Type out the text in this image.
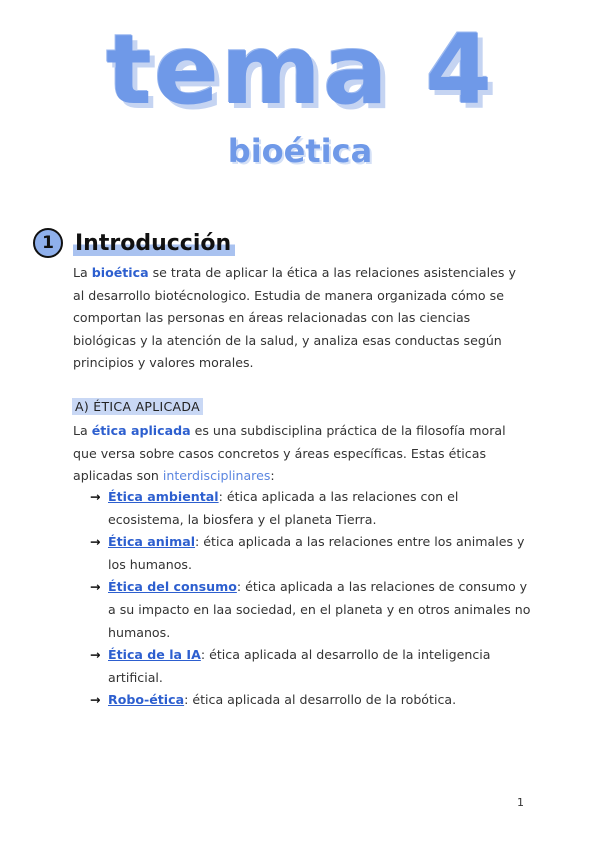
tema 4
bioética
1 Introducción
La bioética se trata de aplicar la ética a las relaciones asistenciales y al desarrollo biotécnologico. Estudia de manera organizada cómo se comportan las personas en áreas relacionadas con las ciencias biológicas y la atención de la salud, y analiza esas conductas según principios y valores morales.
A) ÉTICA APLICADA
La ética aplicada es una subdisciplina práctica de la filosofía moral que versa sobre casos concretos y áreas específicas. Estas éticas aplicadas son interdisciplinares:
→ Ética ambiental: ética aplicada a las relaciones con el ecosistema, la biosfera y el planeta Tierra.
→ Ética animal: ética aplicada a las relaciones entre los animales y los humanos.
→ Ética del consumo: ética aplicada a las relaciones de consumo y a su impacto en laa sociedad, en el planeta y en otros animales no humanos.
→ Ética de la IA: ética aplicada al desarrollo de la inteligencia artificial.
→ Robo-ética: ética aplicada al desarrollo de la robótica.
1
